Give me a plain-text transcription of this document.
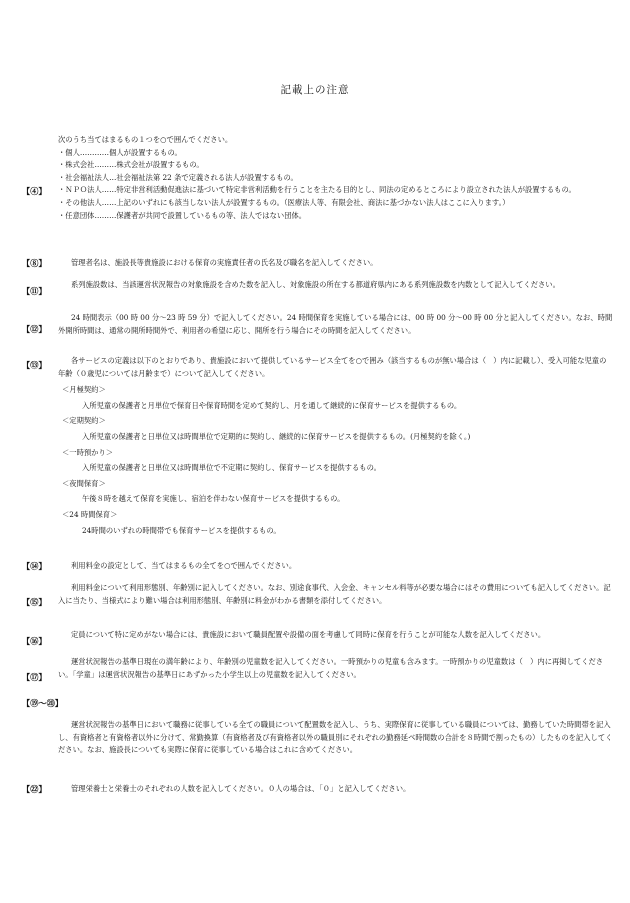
記載上の注意
【④】

次のうち当てはまるもの１つを○で囲んでください。

・個人…………個人が設置するもの。

・株式会社………株式会社が設置するもの。

・社会福祉法人…社会福祉法第 22 条で定義される法人が設置するもの。

・ＮＰＯ法人……特定非営利活動促進法に基づいて特定非営利活動を行うことを主たる目的とし、同法の定めるところにより設立された法人が設置するもの。

・その他法人……上記のいずれにも該当しない法人が設置するもの。（医療法人等、有限会社、商法に基づかない法人はここに入ります。）

・任意団体………保護者が共同で設置しているもの等、法人ではない団体。

【⑧】	管理者名は、施設長等貴施設における保育の実施責任者の氏名及び職名を記入してください。

【⑪】

系列施設数は、当該運営状況報告の対象施設を含めた数を記入し、対象施設の所在する都道府県内にある系列施設数を内数として記入してください。

【⑫】

24 時間表示（00 時 00 分～23 時 59 分）で記入してください。24 時間保育を実施している場合には、00 時 00 分～00 時 00 分と記入してください。なお、時間外開所時間は、通常の開所時間外で、利用者の希望に応じ、開所を行う場合にその時間を記入してください。

【⑬】	各サービスの定義は以下のとおりであり、貴施設において提供しているサービス全てを○で囲み（該当するものが無い場合は（　）内に記載し）、受入可能な児童の年齢（０歳児については月齢まで）について記入してください。

＜月極契約＞

入所児童の保護者と月単位で保育日や保育時間を定めて契約し、月を通して継続的に保育サービスを提供するもの。

＜定期契約＞

入所児童の保護者と日単位又は時間単位で定期的に契約し、継続的に保育サービスを提供するもの。(月極契約を除く。)

＜一時預かり＞

入所児童の保護者と日単位又は時間単位で不定期に契約し、保育サービスを提供するもの。

＜夜間保育＞

午後８時を越えて保育を実施し、宿泊を伴わない保育サービスを提供するもの。

＜24 時間保育＞

24時間のいずれの時間帯でも保育サービスを提供するもの。

【⑭】	利用料金の設定として、当てはまるもの全てを○で囲んでください。

【⑮】

利用料金について利用形態別、年齢別に記入してください。なお、別途食事代、入会金、キャンセル料等が必要な場合にはその費用についても記入してください。記入に当たり、当様式により難い場合は利用形態別、年齢別に料金がわかる書類を添付してください。

【⑯】

定員について特に定めがない場合には、貴施設において職員配置や設備の面を考慮して同時に保育を行うことが可能な人数を記入してください。

【⑰】

運営状況報告の基準日現在の満年齢により、年齢別の児童数を記入してください。一時預かりの児童も含みます。一時預かりの児童数は（　）内に再掲してください。「学童」は運営状況報告の基準日にあずかった小学生以上の児童数を記入してください。

【⑲～⑳】

運営状況報告の基準日において職務に従事している全ての職員について配置数を記入し、うち、実際保育に従事している職員については、勤務していた時間帯を記入し、有資格者と有資格者以外に分けて、常勤換算（有資格者及び有資格者以外の職員別にそれぞれの勤務延べ時間数の合計を８時間で割ったもの）したものを記入してください。なお、施設長についても実際に保育に従事している場合はこれに含めてください。

【㉒】	管理栄養士と栄養士のそれぞれの人数を記入してください。０人の場合は、「０」と記入してください。
